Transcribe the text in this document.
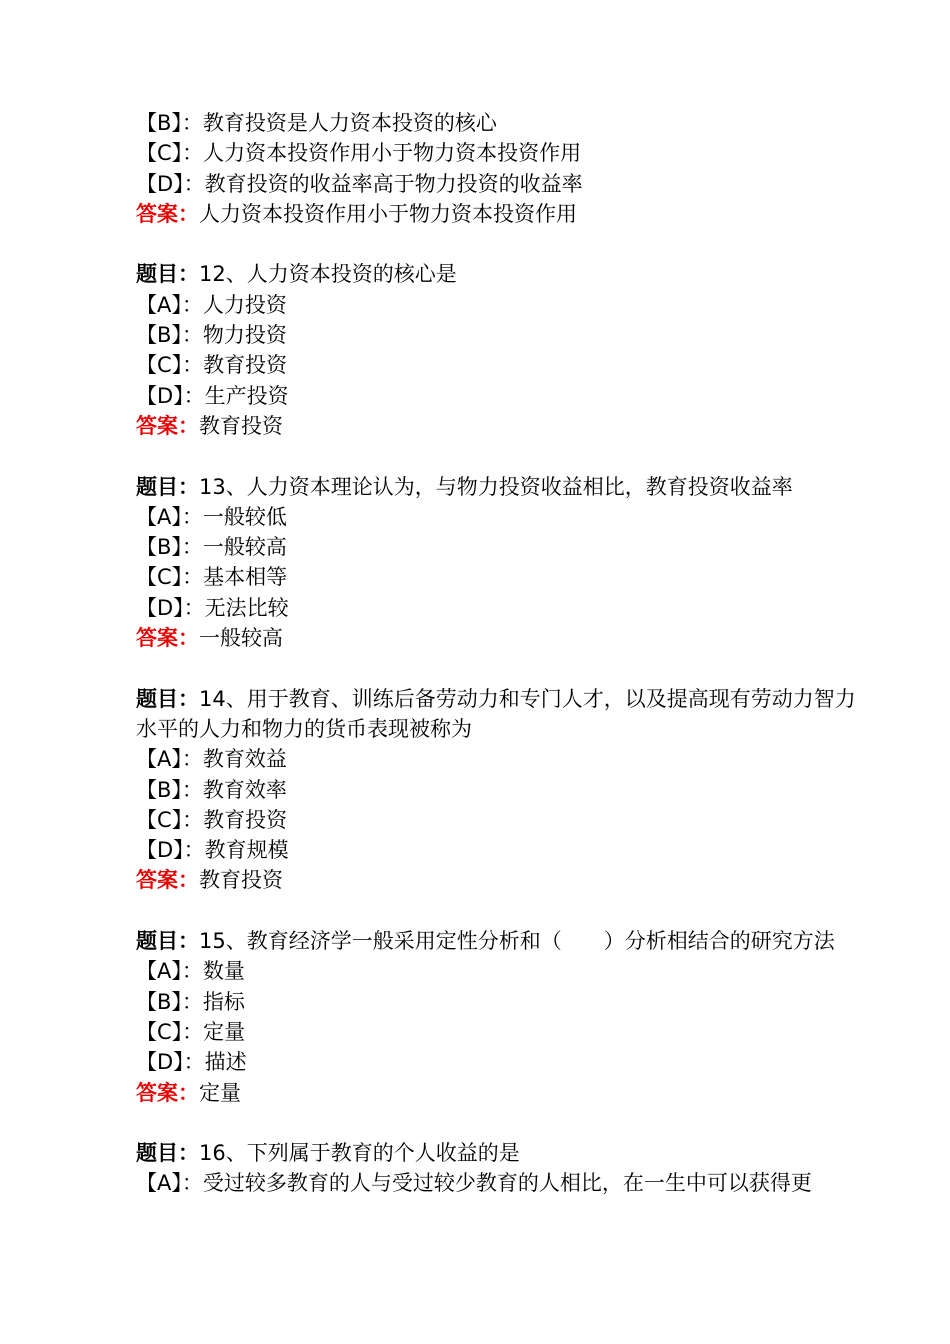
【B】：教育投资是人力资本投资的核心
【C】：人力资本投资作用小于物力资本投资作用
【D】：教育投资的收益率高于物力投资的收益率
答案：人力资本投资作用小于物力资本投资作用
题目：12、人力资本投资的核心是
【A】：人力投资
【B】：物力投资
【C】：教育投资
【D】：生产投资
答案：教育投资
题目：13、人力资本理论认为，与物力投资收益相比，教育投资收益率
【A】：一般较低
【B】：一般较高
【C】：基本相等
【D】：无法比较
答案：一般较高
题目：14、用于教育、训练后备劳动力和专门人才，以及提高现有劳动力智力水平的人力和物力的货币表现被称为
【A】：教育效益
【B】：教育效率
【C】：教育投资
【D】：教育规模
答案：教育投资
题目：15、教育经济学一般采用定性分析和（　　）分析相结合的研究方法
【A】：数量
【B】：指标
【C】：定量
【D】：描述
答案：定量
题目：16、下列属于教育的个人收益的是
【A】：受过较多教育的人与受过较少教育的人相比，在一生中可以获得更
